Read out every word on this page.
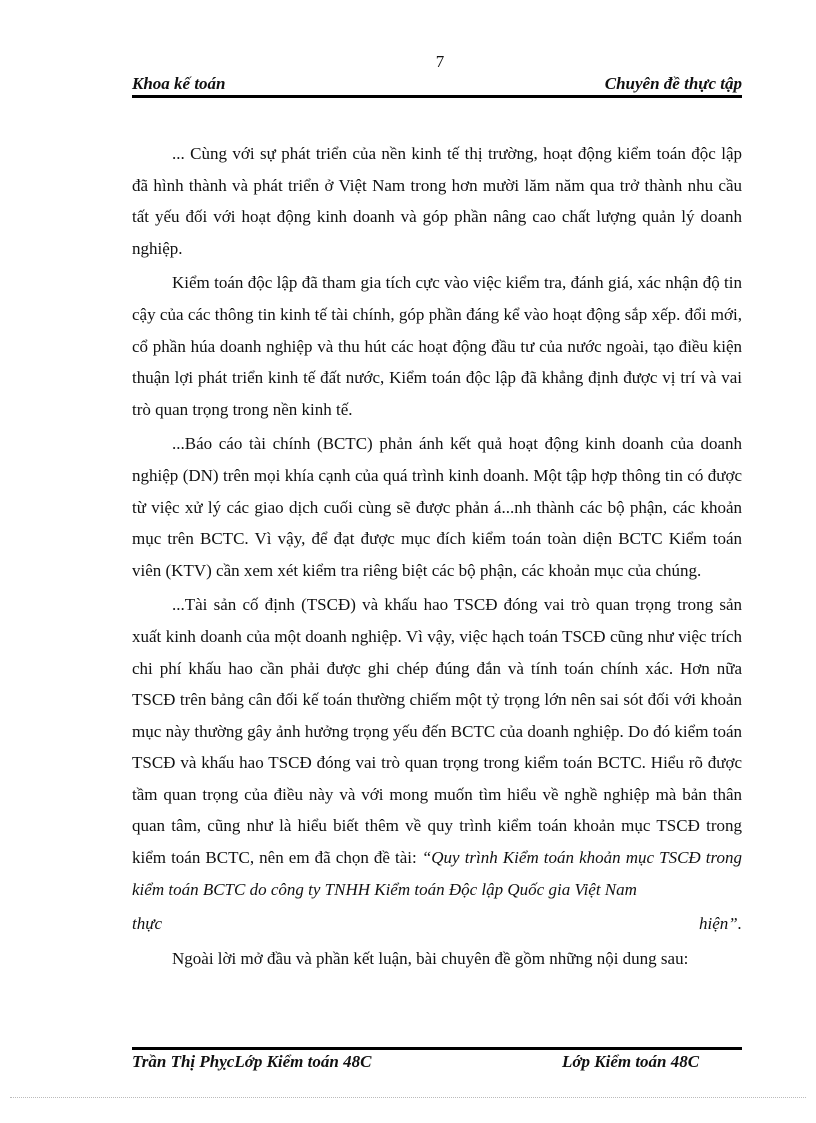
7
Khoa kế toán	Chuyên đề thực tập

... Cùng với sự phát triển của nền kinh tế thị trường, hoạt động kiểm toán độc lập đã hình thành và phát triển ở Việt Nam trong hơn mười lăm năm qua trở thành nhu cầu tất yếu đối với hoạt động kinh doanh và góp phần nâng cao chất lượng quản lý doanh nghiệp.

Kiểm toán độc lập đã tham gia tích cực vào việc kiểm tra, đánh giá, xác nhận độ tin cậy của các thông tin kinh tế tài chính, góp phần đáng kể vào hoạt động sắp xếp. đổi mới, cổ phần húa doanh nghiệp và thu hút các hoạt động đầu tư của nước ngoài, tạo điều kiện thuận lợi phát triển kinh tế đất nước, Kiểm toán độc lập đã khẳng định được vị trí và vai trò quan trọng trong nền kinh tế.

...Báo cáo tài chính (BCTC) phản ánh kết quả hoạt động kinh doanh của doanh nghiệp (DN) trên mọi khía cạnh của quá trình kinh doanh. Một tập hợp thông tin có được từ việc xử lý các giao dịch cuối cùng sẽ được phản á...nh thành các bộ phận, các khoản mục trên BCTC. Vì vậy, để đạt được mục đích kiểm toán toàn diện BCTC Kiểm toán viên (KTV) cần xem xét kiểm tra riêng biệt các bộ phận, các khoản mục của chúng.

...Tài sản cố định (TSCĐ) và khấu hao TSCĐ đóng vai trò quan trọng trong sản xuất kinh doanh của một doanh nghiệp. Vì vậy, việc hạch toán TSCĐ cũng như việc trích chi phí khấu hao cần phải được ghi chép đúng đắn và tính toán chính xác. Hơn nữa TSCĐ trên bảng cân đối kế toán thường chiếm một tỷ trọng lớn nên sai sót đối với khoản mục này thường gây ảnh hưởng trọng yếu đến BCTC của doanh nghiệp. Do đó kiểm toán TSCĐ và khấu hao TSCĐ đóng vai trò quan trọng trong kiểm toán BCTC. Hiểu rõ được tầm quan trọng của điều này và với mong muốn tìm hiểu về nghề nghiệp mà bản thân quan tâm, cũng như là hiểu biết thêm về quy trình kiểm toán khoản mục TSCĐ trong kiểm toán BCTC, nên em đã chọn đề tài: “Quy trình Kiểm toán khoản mục TSCĐ trong kiểm toán BCTC do công ty TNHH Kiểm toán Độc lập Quốc gia Việt Nam

thực	hiện”.

Ngoài lời mở đầu và phần kết luận, bài chuyên đề gồm những nội dung sau:

Trần Thị PhỵcLớp Kiểm toán 48C	Lớp Kiểm toán 48C
